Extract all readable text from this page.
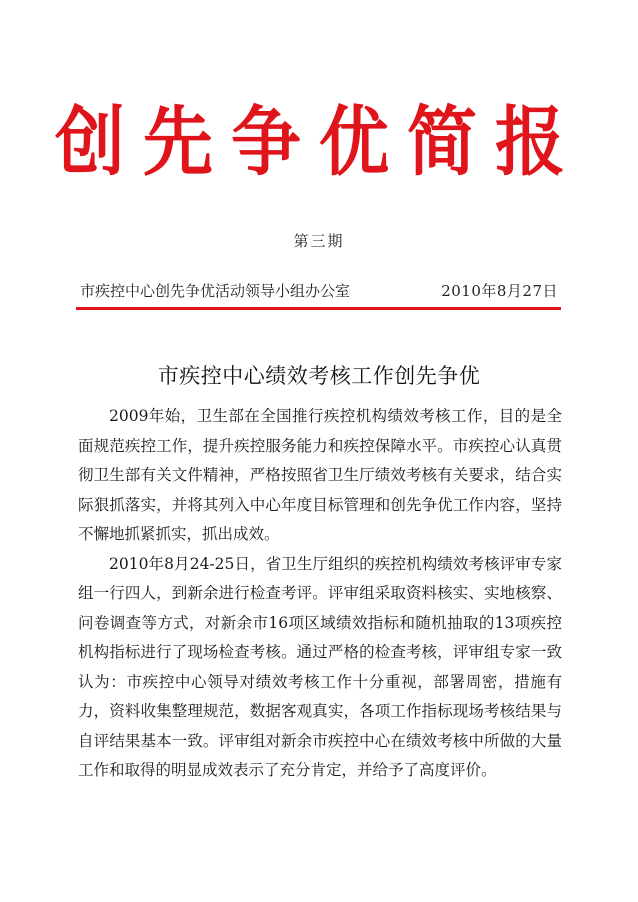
创先争优简报
第三期
市疾控中心创先争优活动领导小组办公室	2010年8月27日
市疾控中心绩效考核工作创先争优

2009年始，卫生部在全国推行疾控机构绩效考核工作，目的是全面规范疾控工作，提升疾控服务能力和疾控保障水平。市疾控心认真贯彻卫生部有关文件精神，严格按照省卫生厅绩效考核有关要求，结合实际狠抓落实，并将其列入中心年度目标管理和创先争优工作内容，坚持不懈地抓紧抓实，抓出成效。

2010年8月24-25日，省卫生厅组织的疾控机构绩效考核评审专家组一行四人，到新余进行检查考评。评审组采取资料核实、实地核察、问卷调查等方式，对新余市16项区域绩效指标和随机抽取的13项疾控机构指标进行了现场检查考核。通过严格的检查考核，评审组专家一致认为：市疾控中心领导对绩效考核工作十分重视，部署周密，措施有力，资料收集整理规范，数据客观真实，各项工作指标现场考核结果与自评结果基本一致。评审组对新余市疾控中心在绩效考核中所做的大量工作和取得的明显成效表示了充分肯定，并给予了高度评价。
